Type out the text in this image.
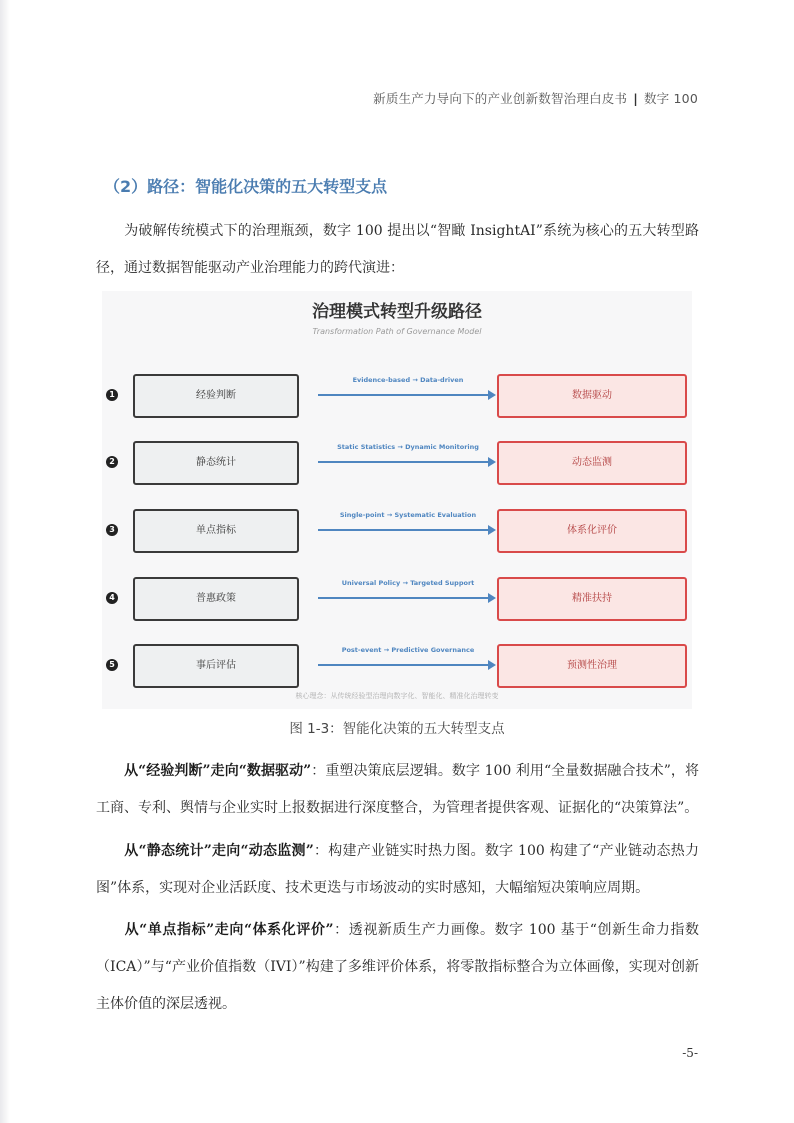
新质生产力导向下的产业创新数智治理白皮书 | 数字 100
（2）路径：智能化决策的五大转型支点
为破解传统模式下的治理瓶颈，数字 100 提出以“智瞰 InsightAI”系统为核心的五大转型路径，通过数据智能驱动产业治理能力的跨代演进：
治理模式转型升级路径
Transformation Path of Governance Model
1	经验判断
Evidence-based → Data-driven
数据驱动
2	静态统计
Static Statistics → Dynamic Monitoring
动态监测
3	单点指标
Single-point → Systematic Evaluation
体系化评价
4	普惠政策
Universal Policy → Targeted Support
精准扶持
5	事后评估
Post-event → Predictive Governance
预测性治理
核心理念：从传统经验型治理向数字化、智能化、精准化治理转变
图 1-3：智能化决策的五大转型支点
从“经验判断”走向“数据驱动”：重塑决策底层逻辑。数字 100 利用“全量数据融合技术”，将工商、专利、舆情与企业实时上报数据进行深度整合，为管理者提供客观、证据化的“决策算法”。
从“静态统计”走向“动态监测”：构建产业链实时热力图。数字 100 构建了“产业链动态热力图”体系，实现对企业活跃度、技术更迭与市场波动的实时感知，大幅缩短决策响应周期。
从“单点指标”走向“体系化评价”：透视新质生产力画像。数字 100 基于“创新生命力指数（ICA）”与“产业价值指数（IVI）”构建了多维评价体系，将零散指标整合为立体画像，实现对创新主体价值的深层透视。
-5-
